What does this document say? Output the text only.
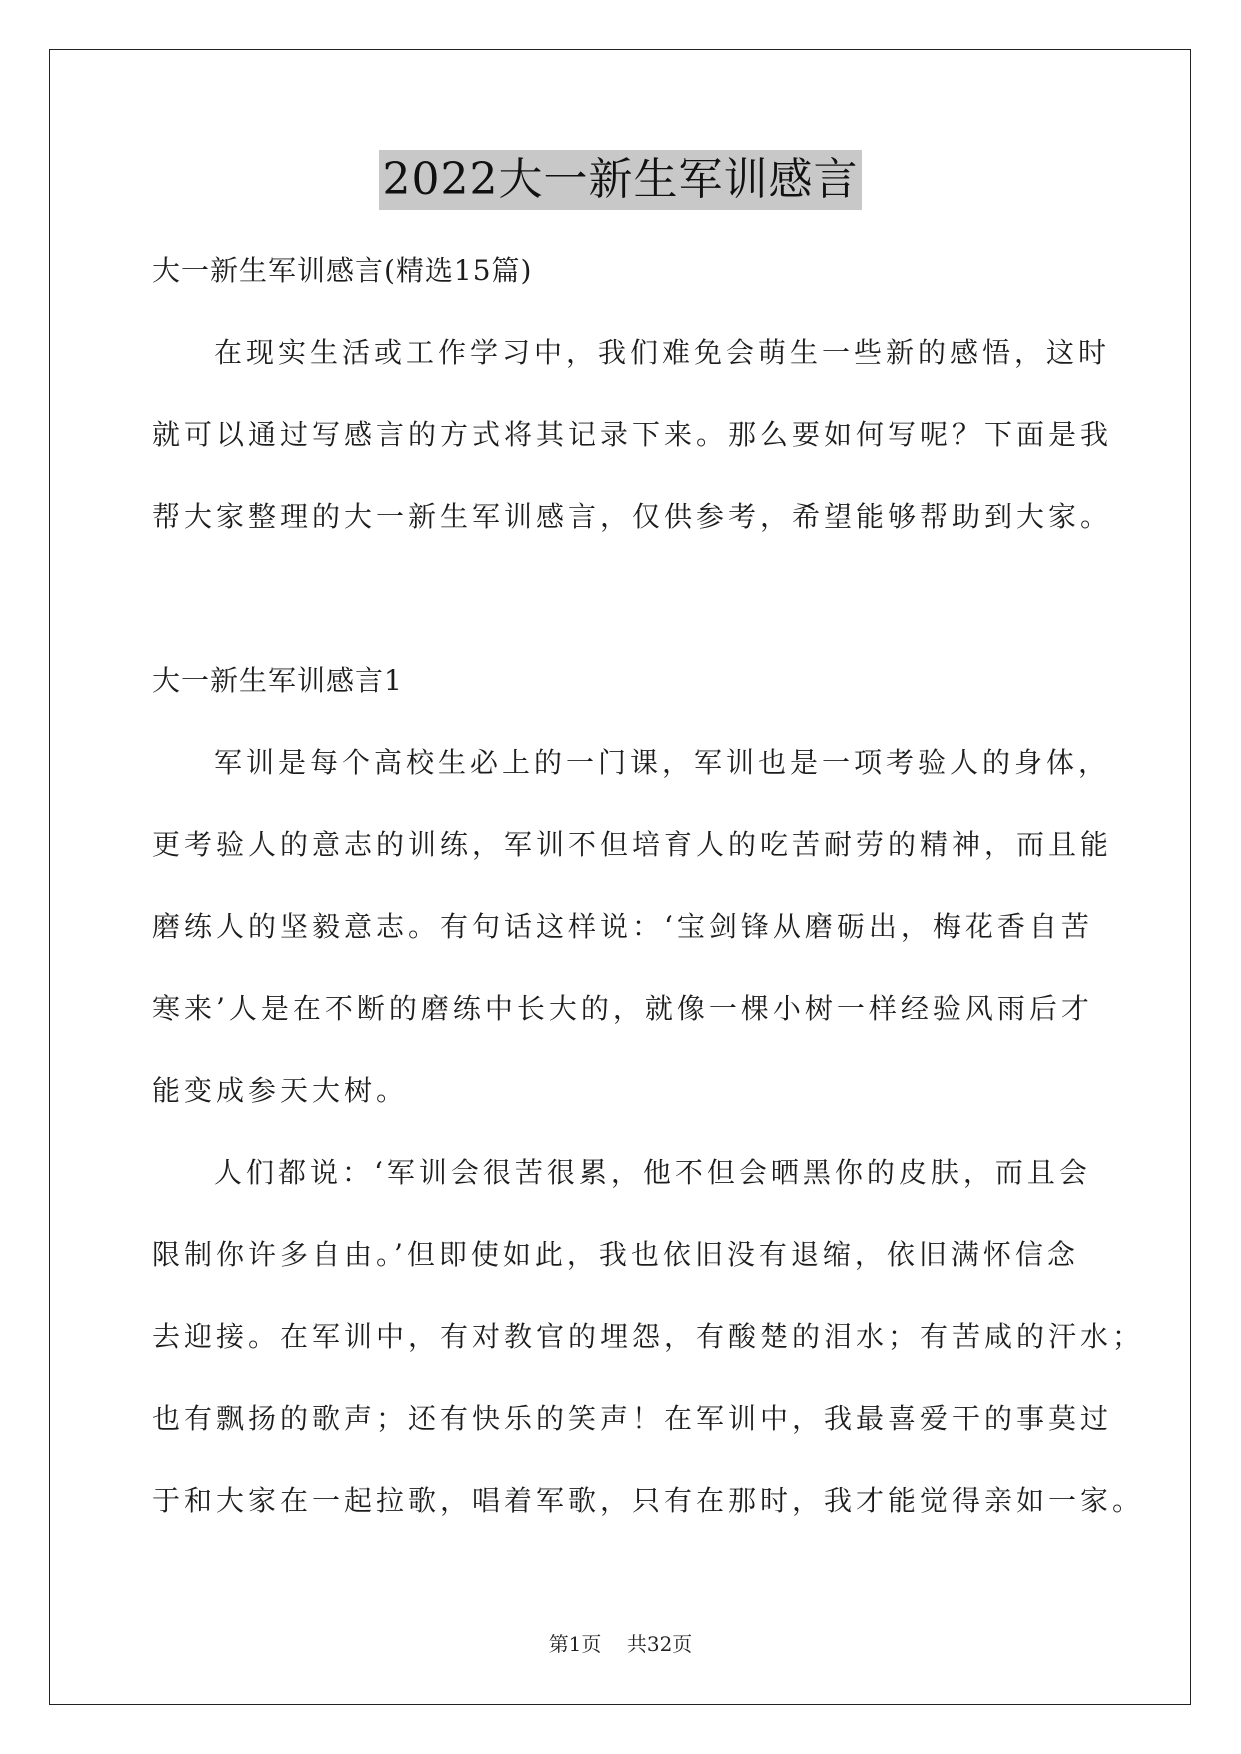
2022大一新生军训感言
大一新生军训感言(精选15篇)
在现实生活或工作学习中，我们难免会萌生一些新的感悟，这时
就可以通过写感言的方式将其记录下来。那么要如何写呢？下面是我
帮大家整理的大一新生军训感言，仅供参考，希望能够帮助到大家。
大一新生军训感言1
军训是每个高校生必上的一门课，军训也是一项考验人的身体，
更考验人的意志的训练，军训不但培育人的吃苦耐劳的精神，而且能
磨练人的坚毅意志。有句话这样说：‘宝剑锋从磨砺出，梅花香自苦
寒来’人是在不断的磨练中长大的，就像一棵小树一样经验风雨后才
能变成参天大树。
人们都说：‘军训会很苦很累，他不但会晒黑你的皮肤，而且会
限制你许多自由。’但即使如此，我也依旧没有退缩，依旧满怀信念
去迎接。在军训中，有对教官的埋怨，有酸楚的泪水；有苦咸的汗水；
也有飘扬的歌声；还有快乐的笑声！在军训中，我最喜爱干的事莫过
于和大家在一起拉歌，唱着军歌，只有在那时，我才能觉得亲如一家。
第1页 共32页
